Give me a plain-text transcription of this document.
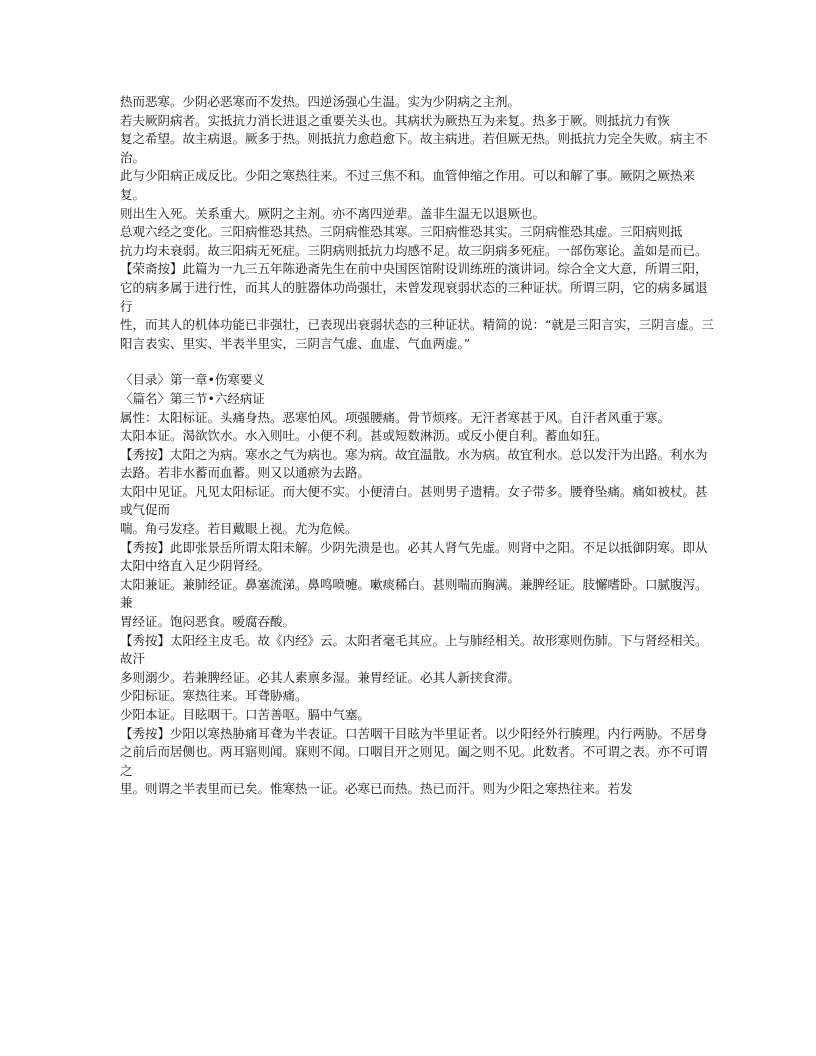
热而恶寒。少阴必恶寒而不发热。四逆汤强心生温。实为少阴病之主剂。
若夫厥阴病者。实抵抗力消长进退之重要关头也。其病状为厥热互为来复。热多于厥。则抵抗力有恢
复之希望。故主病退。厥多于热。则抵抗力愈趋愈下。故主病进。若但厥无热。则抵抗力完全失败。病主不治。
此与少阳病正成反比。少阳之寒热往来。不过三焦不和。血管伸缩之作用。可以和解了事。厥阴之厥热来复。
则出生入死。关系重大。厥阴之主剂。亦不离四逆辈。盖非生温无以退厥也。
总观六经之变化。三阳病惟恐其热。三阴病惟恐其寒。三阳病惟恐其实。三阴病惟恐其虚。三阳病则抵
抗力均未衰弱。故三阳病无死症。三阴病则抵抗力均感不足。故三阴病多死症。一部伤寒论。盖如是而已。
【荣斋按】此篇为一九三五年陈逊斋先生在前中央国医馆附设训练班的演讲词。综合全文大意，所谓三阳，
它的病多属于进行性，而其人的脏器体功尚强壮，未曾发现衰弱状态的三种证状。所谓三阴，它的病多属退行
性，而其人的机体功能已非强壮，已表现出衰弱状态的三种证状。精简的说：“就是三阳言实，三阴言虚。三
阳言表实、里实、半表半里实，三阴言气虚、血虚、气血两虚。”
〈目录〉第一章•伤寒要义
〈篇名〉第三节•六经病证
属性：太阳标证。头痛身热。恶寒怕风。项强腰痛。骨节烦疼。无汗者寒甚于风。自汗者风重于寒。
太阳本证。渴欲饮水。水入则吐。小便不利。甚或短数淋沥。或反小便自利。蓄血如狂。
【秀按】太阳之为病。寒水之气为病也。寒为病。故宜温散。水为病。故宜利水。总以发汗为出路。利水为
去路。若非水蓄而血蓄。则又以通瘀为去路。
太阳中见证。凡见太阳标证。而大便不实。小便清白。甚则男子遗精。女子带多。腰脊坠痛。痛如被杖。甚或气促而
喘。角弓发痉。若目戴眼上视。尤为危候。
【秀按】此即张景岳所谓太阳未解。少阴先溃是也。必其人肾气先虚。则肾中之阳。不足以抵御阴寒。即从
太阳中络直入足少阴肾经。
太阳兼证。兼肺经证。鼻塞流涕。鼻鸣喷嚏。嗽痰稀白。甚则喘而胸满。兼脾经证。肢懈嗜卧。口腻腹泻。兼
胃经证。饱闷恶食。嗳腐吞酸。
【秀按】太阳经主皮毛。故《内经》云。太阳者毫毛其应。上与肺经相关。故形寒则伤肺。下与肾经相关。故汗
多则溺少。若兼脾经证。必其人素禀多湿。兼胃经证。必其人新挟食滞。
少阳标证。寒热往来。耳聋胁痛。
少阳本证。目眩咽干。口苦善呕。膈中气塞。
【秀按】少阳以寒热胁痛耳聋为半表证。口苦咽干目眩为半里证者。以少阳经外行腠理。内行两胁。不居身
之前后而居侧也。两耳寤则闻。寐则不闻。口咽目开之则见。阖之则不见。此数者。不可谓之表。亦不可谓之
里。则谓之半表里而已矣。惟寒热一证。必寒已而热。热已而汗。则为少阳之寒热往来。若发
